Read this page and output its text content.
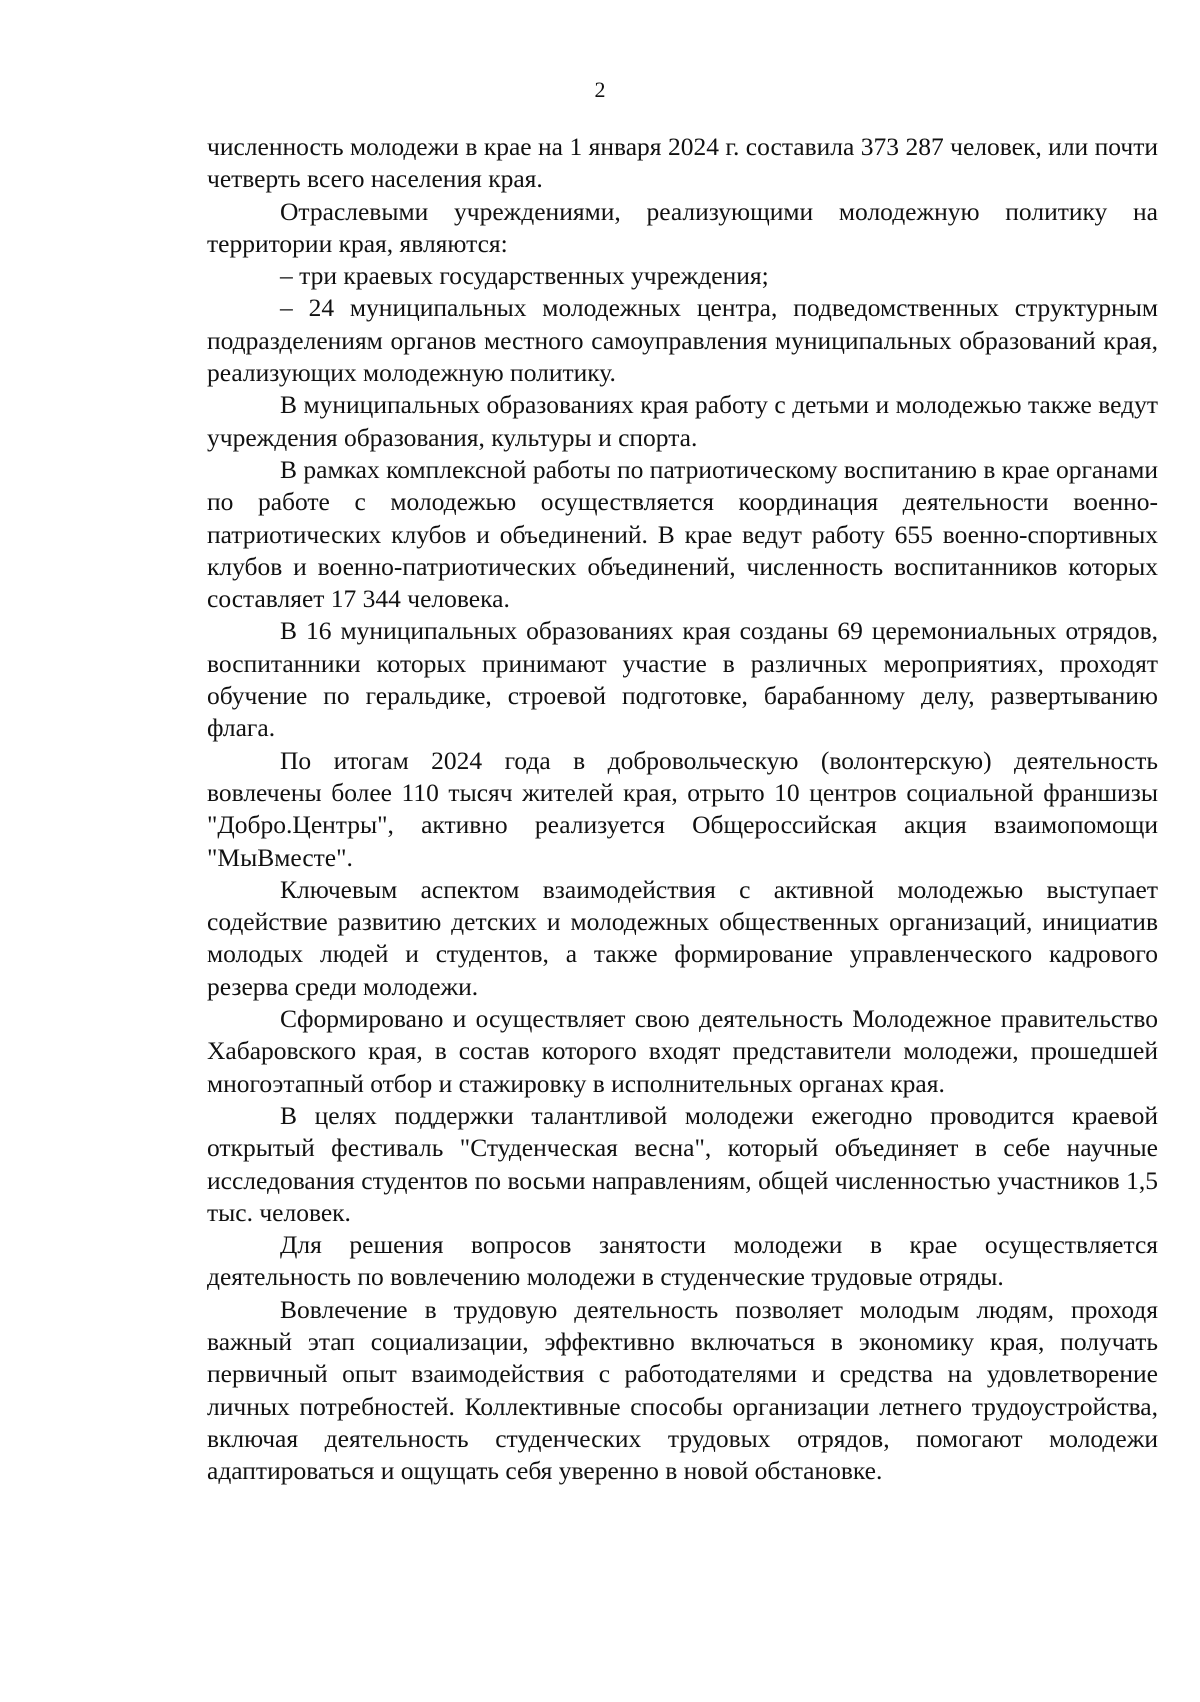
2

численность молодежи в крае на 1 января 2024 г. составила 373 287 человек, или почти четверть всего населения края.

Отраслевыми учреждениями, реализующими молодежную политику на территории края, являются:

– три краевых государственных учреждения;

– 24 муниципальных молодежных центра, подведомственных структурным подразделениям органов местного самоуправления муниципальных образований края, реализующих молодежную политику.

В муниципальных образованиях края работу с детьми и молодежью также ведут учреждения образования, культуры и спорта.

В рамках комплексной работы по патриотическому воспитанию в крае органами по работе с молодежью осуществляется координация деятельности военно-патриотических клубов и объединений. В крае ведут работу 655 военно-спортивных клубов и военно-патриотических объединений, численность воспитанников которых составляет 17 344 человека.

В 16 муниципальных образованиях края созданы 69 церемониальных отрядов, воспитанники которых принимают участие в различных мероприятиях, проходят обучение по геральдике, строевой подготовке, барабанному делу, развертыванию флага.

По итогам 2024 года в добровольческую (волонтерскую) деятельность вовлечены более 110 тысяч жителей края, отрыто 10 центров социальной франшизы "Добро.Центры", активно реализуется Общероссийская акция взаимопомощи "МыВместе".

Ключевым аспектом взаимодействия с активной молодежью выступает содействие развитию детских и молодежных общественных организаций, инициатив молодых людей и студентов, а также формирование управленческого кадрового резерва среди молодежи.

Сформировано и осуществляет свою деятельность Молодежное правительство Хабаровского края, в состав которого входят представители молодежи, прошедшей многоэтапный отбор и стажировку в исполнительных органах края.

В целях поддержки талантливой молодежи ежегодно проводится краевой открытый фестиваль "Студенческая весна", который объединяет в себе научные исследования студентов по восьми направлениям, общей численностью участников 1,5 тыс. человек.

Для решения вопросов занятости молодежи в крае осуществляется деятельность по вовлечению молодежи в студенческие трудовые отряды.

Вовлечение в трудовую деятельность позволяет молодым людям, проходя важный этап социализации, эффективно включаться в экономику края, получать первичный опыт взаимодействия с работодателями и средства на удовлетворение личных потребностей. Коллективные способы организации летнего трудоустройства, включая деятельность студенческих трудовых отрядов, помогают молодежи адаптироваться и ощущать себя уверенно в новой обстановке.
